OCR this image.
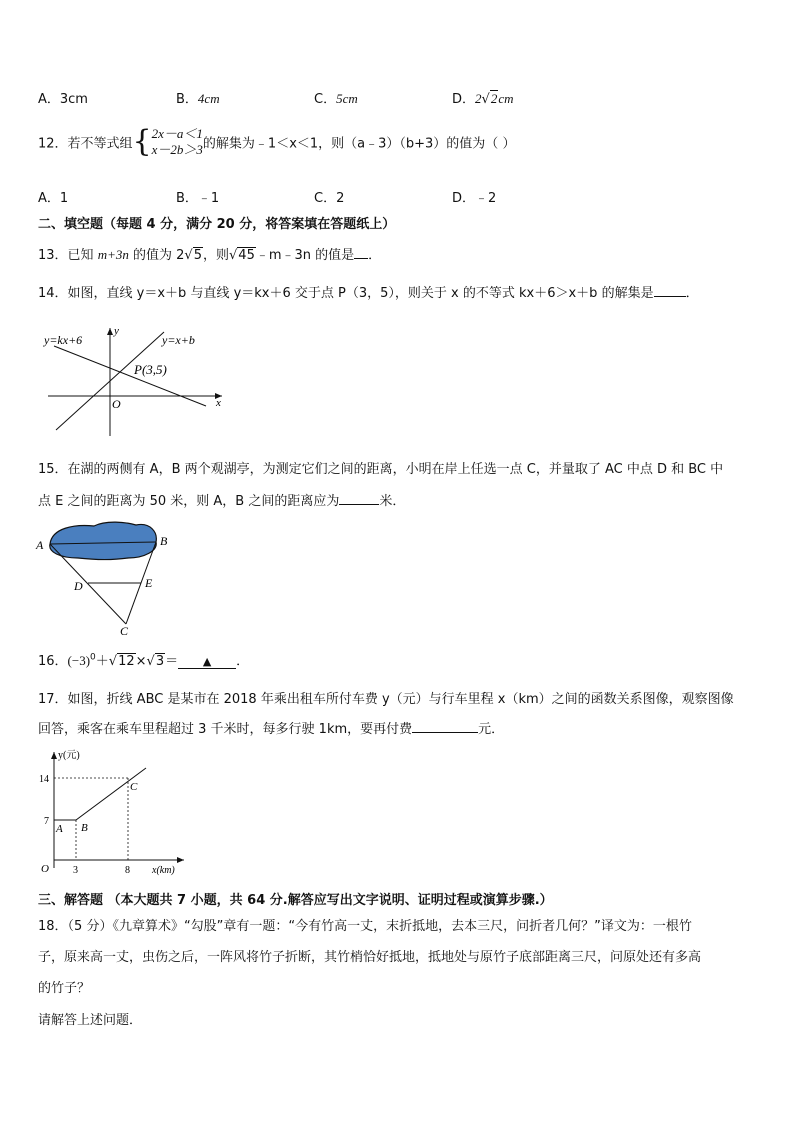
A．3cm	B．4cm	C．5cm	D．2√2cm
12．若不等式组{2x－a＜1
x－2b＞3的解集为﹣1＜x＜1，则（a﹣3）（b+3）的值为（ ）
A．1	B．﹣1	C．2	D．﹣2
二、填空题（每题 4 分，满分 20 分，将答案填在答题纸上）
13．已知 m+3n 的值为 2√5，则√45﹣m﹣3n 的值是 ．
14．如图，直线 y＝x＋b 与直线 y＝kx＋6 交于点 P（3，5），则关于 x 的不等式 kx＋6＞x＋b 的解集是 ．
y=kx+6	y=x+b
P(3,5)
y
x
O
15．在湖的两侧有 A，B 两个观湖亭，为测定它们之间的距离，小明在岸上任选一点 C，并量取了 AC 中点 D 和 BC 中
点 E 之间的距离为 50 米，则 A，B 之间的距离应为	米．
A	B
C
D	E
16．$(-3)^0+√12\times√3=$ ▲ ．
17．如图，折线 ABC 是某市在 2018 年乘出租车所付车费 y（元）与行车里程 x（km）之间的函数关系图像，观察图像
回答，乘客在乘车里程超过 3 千米时，每多行驶 1km，要再付费	元．
y(元)
x(km)
O
14
7
3	8
A B
C
三、解答题 （本大题共 7 小题，共 64 分.解答应写出文字说明、证明过程或演算步骤.）
18．（5 分）《九章算术》“勾股”章有一题：“今有竹高一丈，末折抵地，去本三尺，问折者几何？”译文为：一根竹
子，原来高一丈，虫伤之后，一阵风将竹子折断，其竹梢恰好抵地，抵地处与原竹子底部距离三尺，问原处还有多高
的竹子？
请解答上述问题．
